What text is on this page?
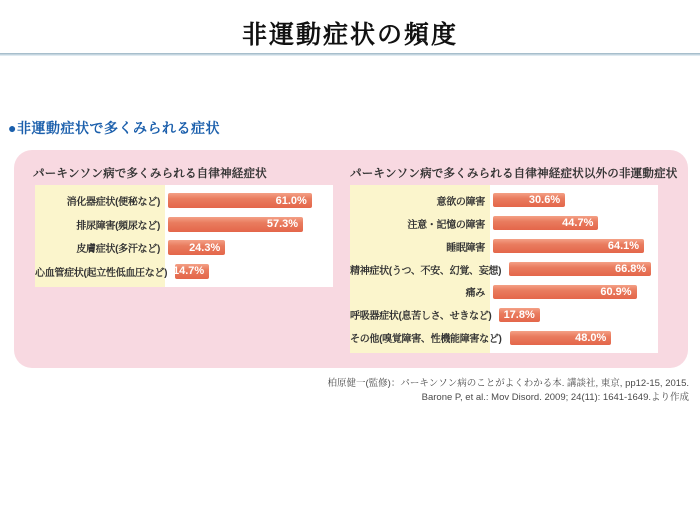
非運動症状の頻度
●非運動症状で多くみられる症状
パーキンソン病で多くみられる自律神経症状
消化器症状(便秘など)	61.0%
排尿障害(頻尿など)	57.3%
皮膚症状(多汗など)	24.3%
心血管症状(起立性低血圧など) 14.7%
パーキンソン病で多くみられる自律神経症状以外の非運動症状
意欲の障害	30.6%
注意・記憶の障害	44.7%
睡眠障害	64.1%
精神症状(うつ、不安、幻覚、妄想)	66.8%
痛み	60.9%
呼吸器症状(息苦しさ、せきなど) 17.8%
その他(嗅覚障害、性機能障害など)	48.0%
柏原健一(監修)：パーキンソン病のことがよくわかる本. 講談社, 東京, pp12-15, 2015.
Barone P, et al.: Mov Disord. 2009; 24(11): 1641-1649.より作成
